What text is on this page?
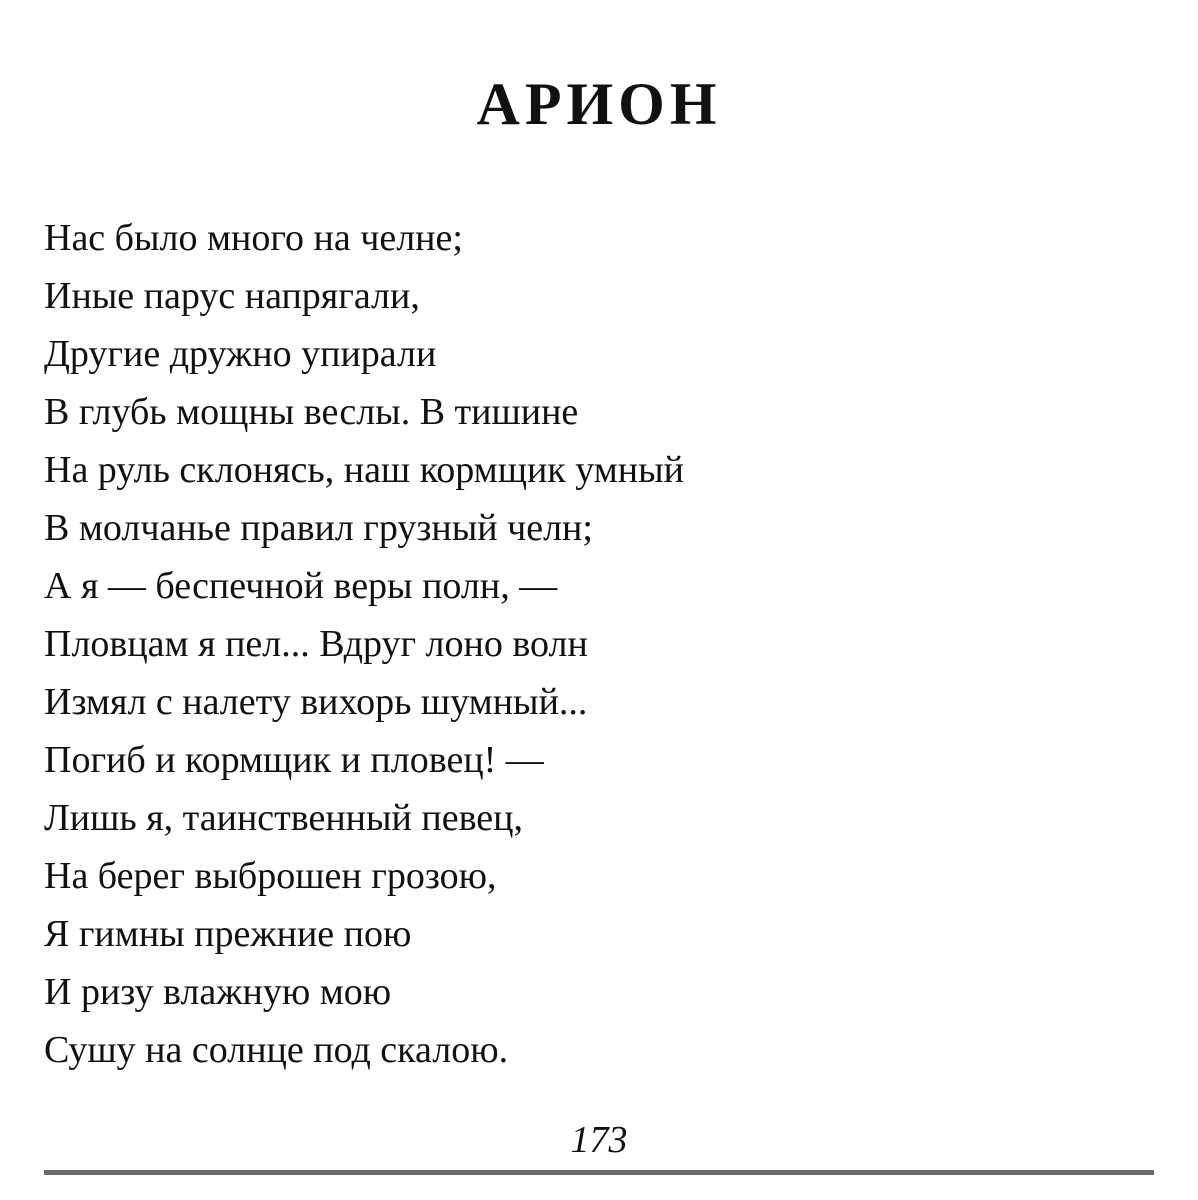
АРИОН
Нас было много на челне;
Иные парус напрягали,
Другие дружно упирали
В глубь мощны веслы. В тишине
На руль склонясь, наш кормщик умный
В молчанье правил грузный челн;
А я — беспечной веры полн, —
Пловцам я пел... Вдруг лоно волн
Измял с налету вихорь шумный...
Погиб и кормщик и пловец! —
Лишь я, таинственный певец,
На берег выброшен грозою,
Я гимны прежние пою
И ризу влажную мою
Сушу на солнце под скалою.
173
